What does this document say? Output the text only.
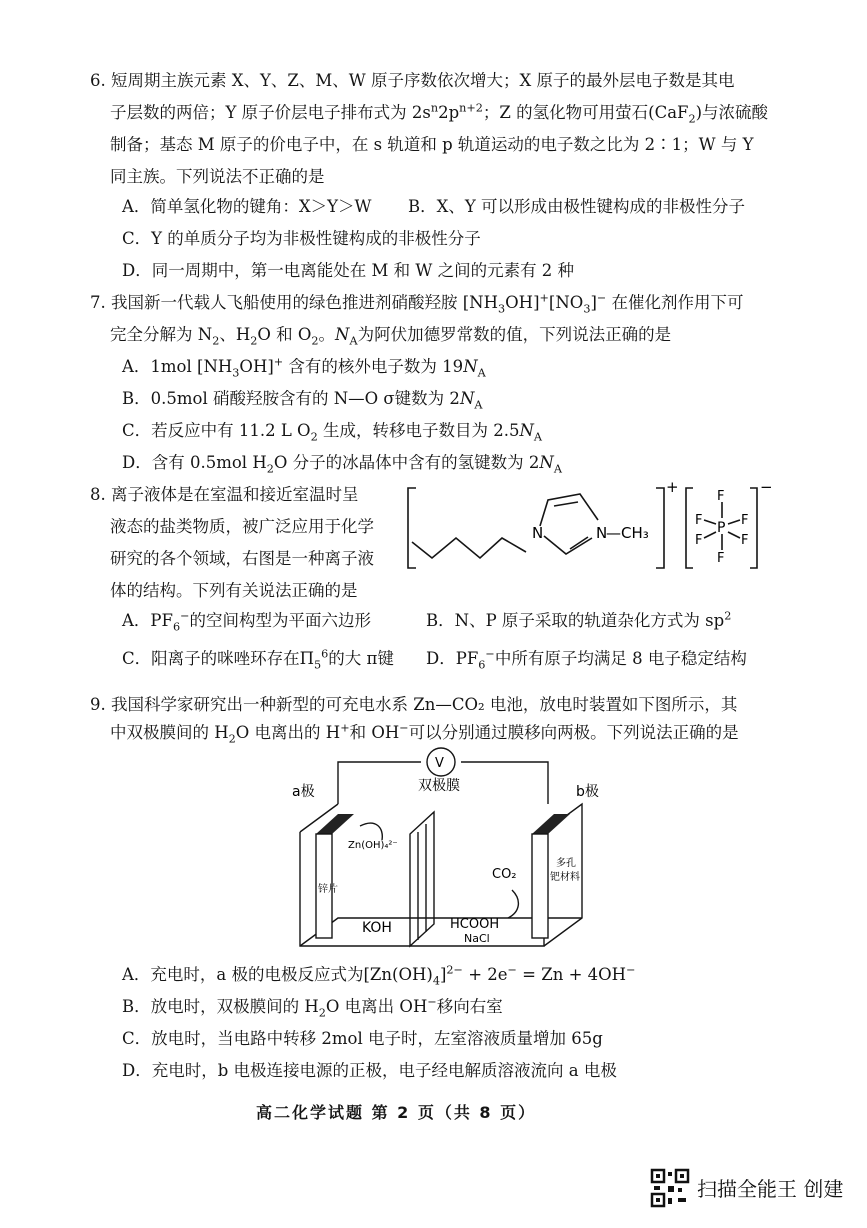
6. 短周期主族元素 X、Y、Z、M、W 原子序数依次增大；X 原子的最外层电子数是其电
子层数的两倍；Y 原子价层电子排布式为 $2s^n2p^{n+2}$；Z 的氢化物可用萤石(CaF$_2$)与浓硫酸
制备；基态 M 原子的价电子中，在 s 轨道和 p 轨道运动的电子数之比为 2∶1；W 与 Y
同主族。下列说法不正确的是
A．简单氢化物的键角：X＞Y＞W B．X、Y 可以形成由极性键构成的非极性分子
C．Y 的单质分子均为非极性键构成的非极性分子
D．同一周期中，第一电离能处在 M 和 W 之间的元素有 2 种
7. 我国新一代载人飞船使用的绿色推进剂硝酸羟胺 $[NH_3OH]^+[NO_3]^-$ 在催化剂作用下可
完全分解为 $N_2$、$H_2O$ 和 $O_2$。$N_A$为阿伏加德罗常数的值，下列说法正确的是
A．1mol $[NH_3OH]^+$ 含有的核外电子数为 $19N_A$
B．0.5mol 硝酸羟胺含有的 N—O σ键数为 $2N_A$
C．若反应中有 11.2 L $O_2$ 生成，转移电子数目为 $2.5N_A$
D．含有 0.5mol $H_2O$ 分子的冰晶体中含有的氢键数为 $2N_A$
8. 离子液体是在室温和接近室温时呈
液态的盐类物质，被广泛应用于化学
研究的各个领域，右图是一种离子液
体的结构。下列有关说法正确的是
N	N
—CH₃
+	−
F
P
F
F	F
F	F
A．$PF_6^-$的空间构型为平面六边形	B．N、P 原子采取的轨道杂化方式为 $sp^2$
C．阳离子的咪唑环存在$\Pi_5^6$的大 π键 D．$PF_6^-$中所有原子均满足 8 电子稳定结构
9. 我国科学家研究出一种新型的可充电水系 Zn—CO₂ 电池，放电时装置如下图所示，其
中双极膜间的 $H_2O$ 电离出的 H+和 OH−可以分别通过膜移向两极。下列说法正确的是
V
a极	b极
双极膜
Zn(OH)₄²⁻
锌片
KOH
CO₂
HCOOH
NaCl
多孔
钯材料
A．充电时，a 极的电极反应式为$[Zn(OH)_4]^{2-} + 2e^- = Zn + 4OH^-$
B．放电时，双极膜间的 $H_2O$ 电离出 OH−移向右室
C．放电时，当电路中转移 2mol 电子时，左室溶液质量增加 65g
D．充电时，b 电极连接电源的正极，电子经电解质溶液流向 a 电极
高二化学试题 第 2 页（共 8 页）
扫描全能王 创建
